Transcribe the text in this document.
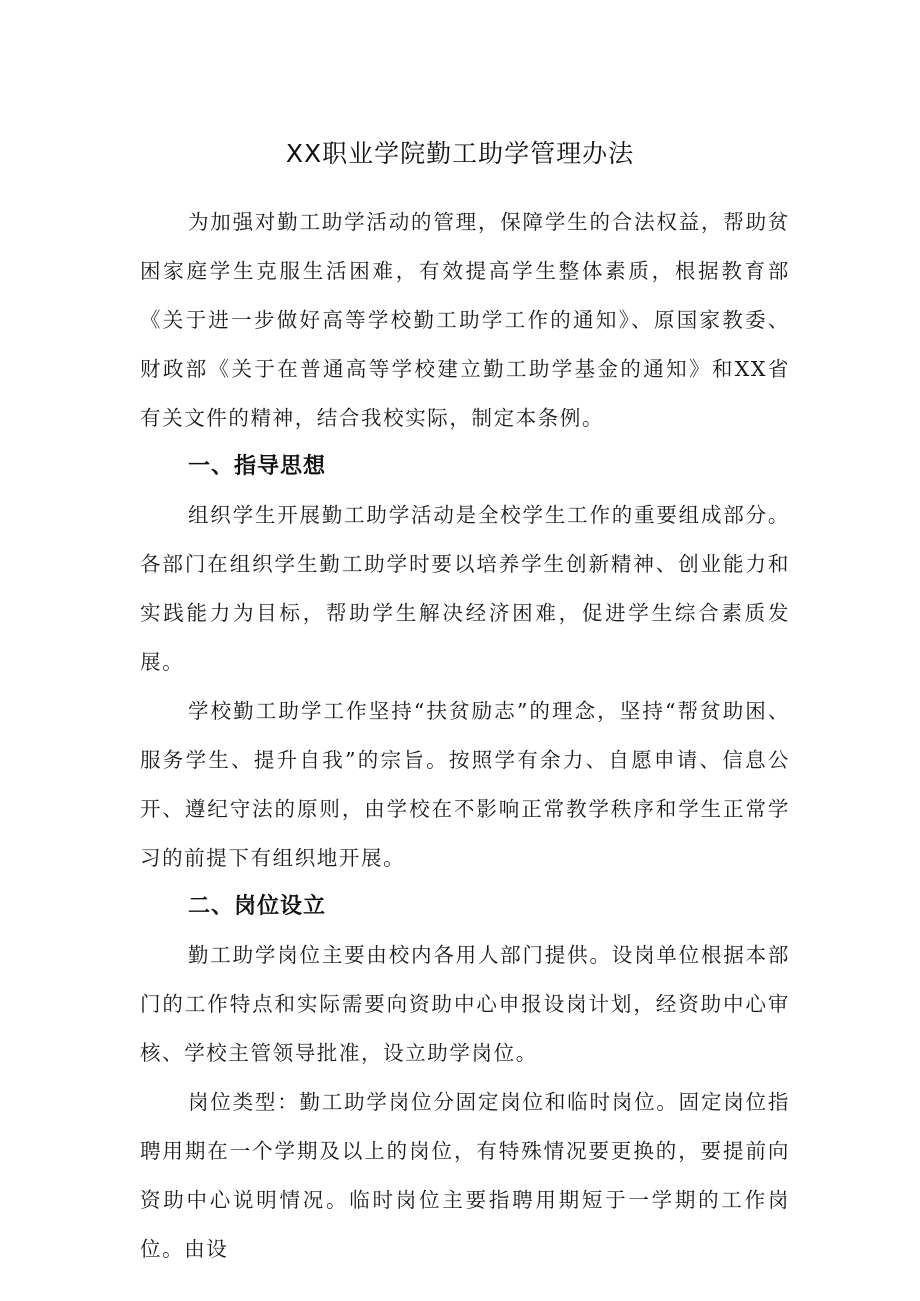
XX职业学院勤工助学管理办法

为加强对勤工助学活动的管理，保障学生的合法权益，帮助贫困家庭学生克服生活困难，有效提高学生整体素质，根据教育部《关于进一步做好高等学校勤工助学工作的通知》、原国家教委、财政部《关于在普通高等学校建立勤工助学基金的通知》和XX省有关文件的精神，结合我校实际，制定本条例。

一、指导思想

组织学生开展勤工助学活动是全校学生工作的重要组成部分。各部门在组织学生勤工助学时要以培养学生创新精神、创业能力和实践能力为目标，帮助学生解决经济困难，促进学生综合素质发展。

学校勤工助学工作坚持“扶贫励志”的理念，坚持“帮贫助困、服务学生、提升自我”的宗旨。按照学有余力、自愿申请、信息公开、遵纪守法的原则，由学校在不影响正常教学秩序和学生正常学习的前提下有组织地开展。

二、岗位设立

勤工助学岗位主要由校内各用人部门提供。设岗单位根据本部门的工作特点和实际需要向资助中心申报设岗计划，经资助中心审核、学校主管领导批准，设立助学岗位。

岗位类型：勤工助学岗位分固定岗位和临时岗位。固定岗位指聘用期在一个学期及以上的岗位，有特殊情况要更换的，要提前向资助中心说明情况。临时岗位主要指聘用期短于一学期的工作岗位。由设
